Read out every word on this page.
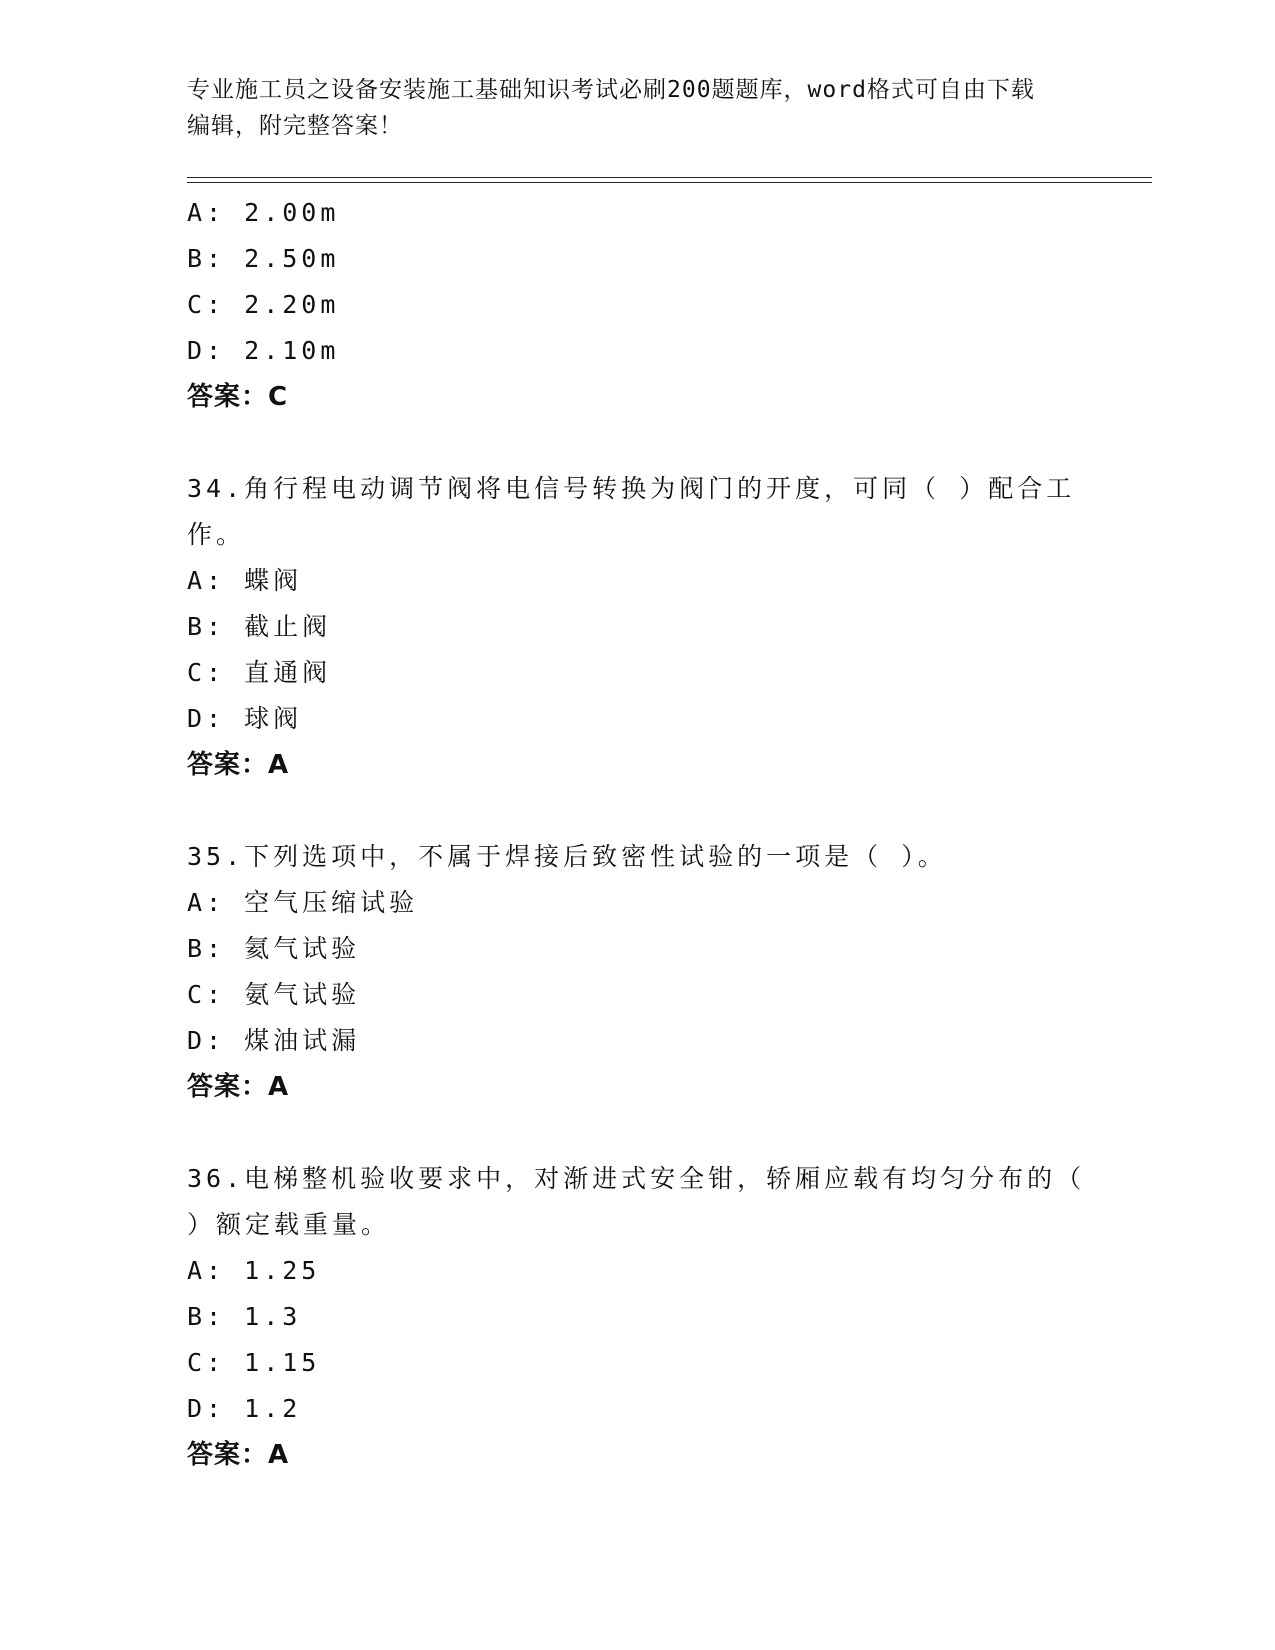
专业施工员之设备安装施工基础知识考试必刷200题题库，word格式可自由下载
编辑，附完整答案！
A: 2.00m
B: 2.50m
C: 2.20m
D: 2.10m
答案：C
34.角行程电动调节阀将电信号转换为阀门的开度，可同（ ）配合工
作。
A: 蝶阀
B: 截止阀
C: 直通阀
D: 球阀
答案：A
35.下列选项中，不属于焊接后致密性试验的一项是（ ）。
A: 空气压缩试验
B: 氦气试验
C: 氨气试验
D: 煤油试漏
答案：A
36.电梯整机验收要求中，对渐进式安全钳，轿厢应载有均匀分布的（
）额定载重量。
A: 1.25
B: 1.3
C: 1.15
D: 1.2
答案：A
